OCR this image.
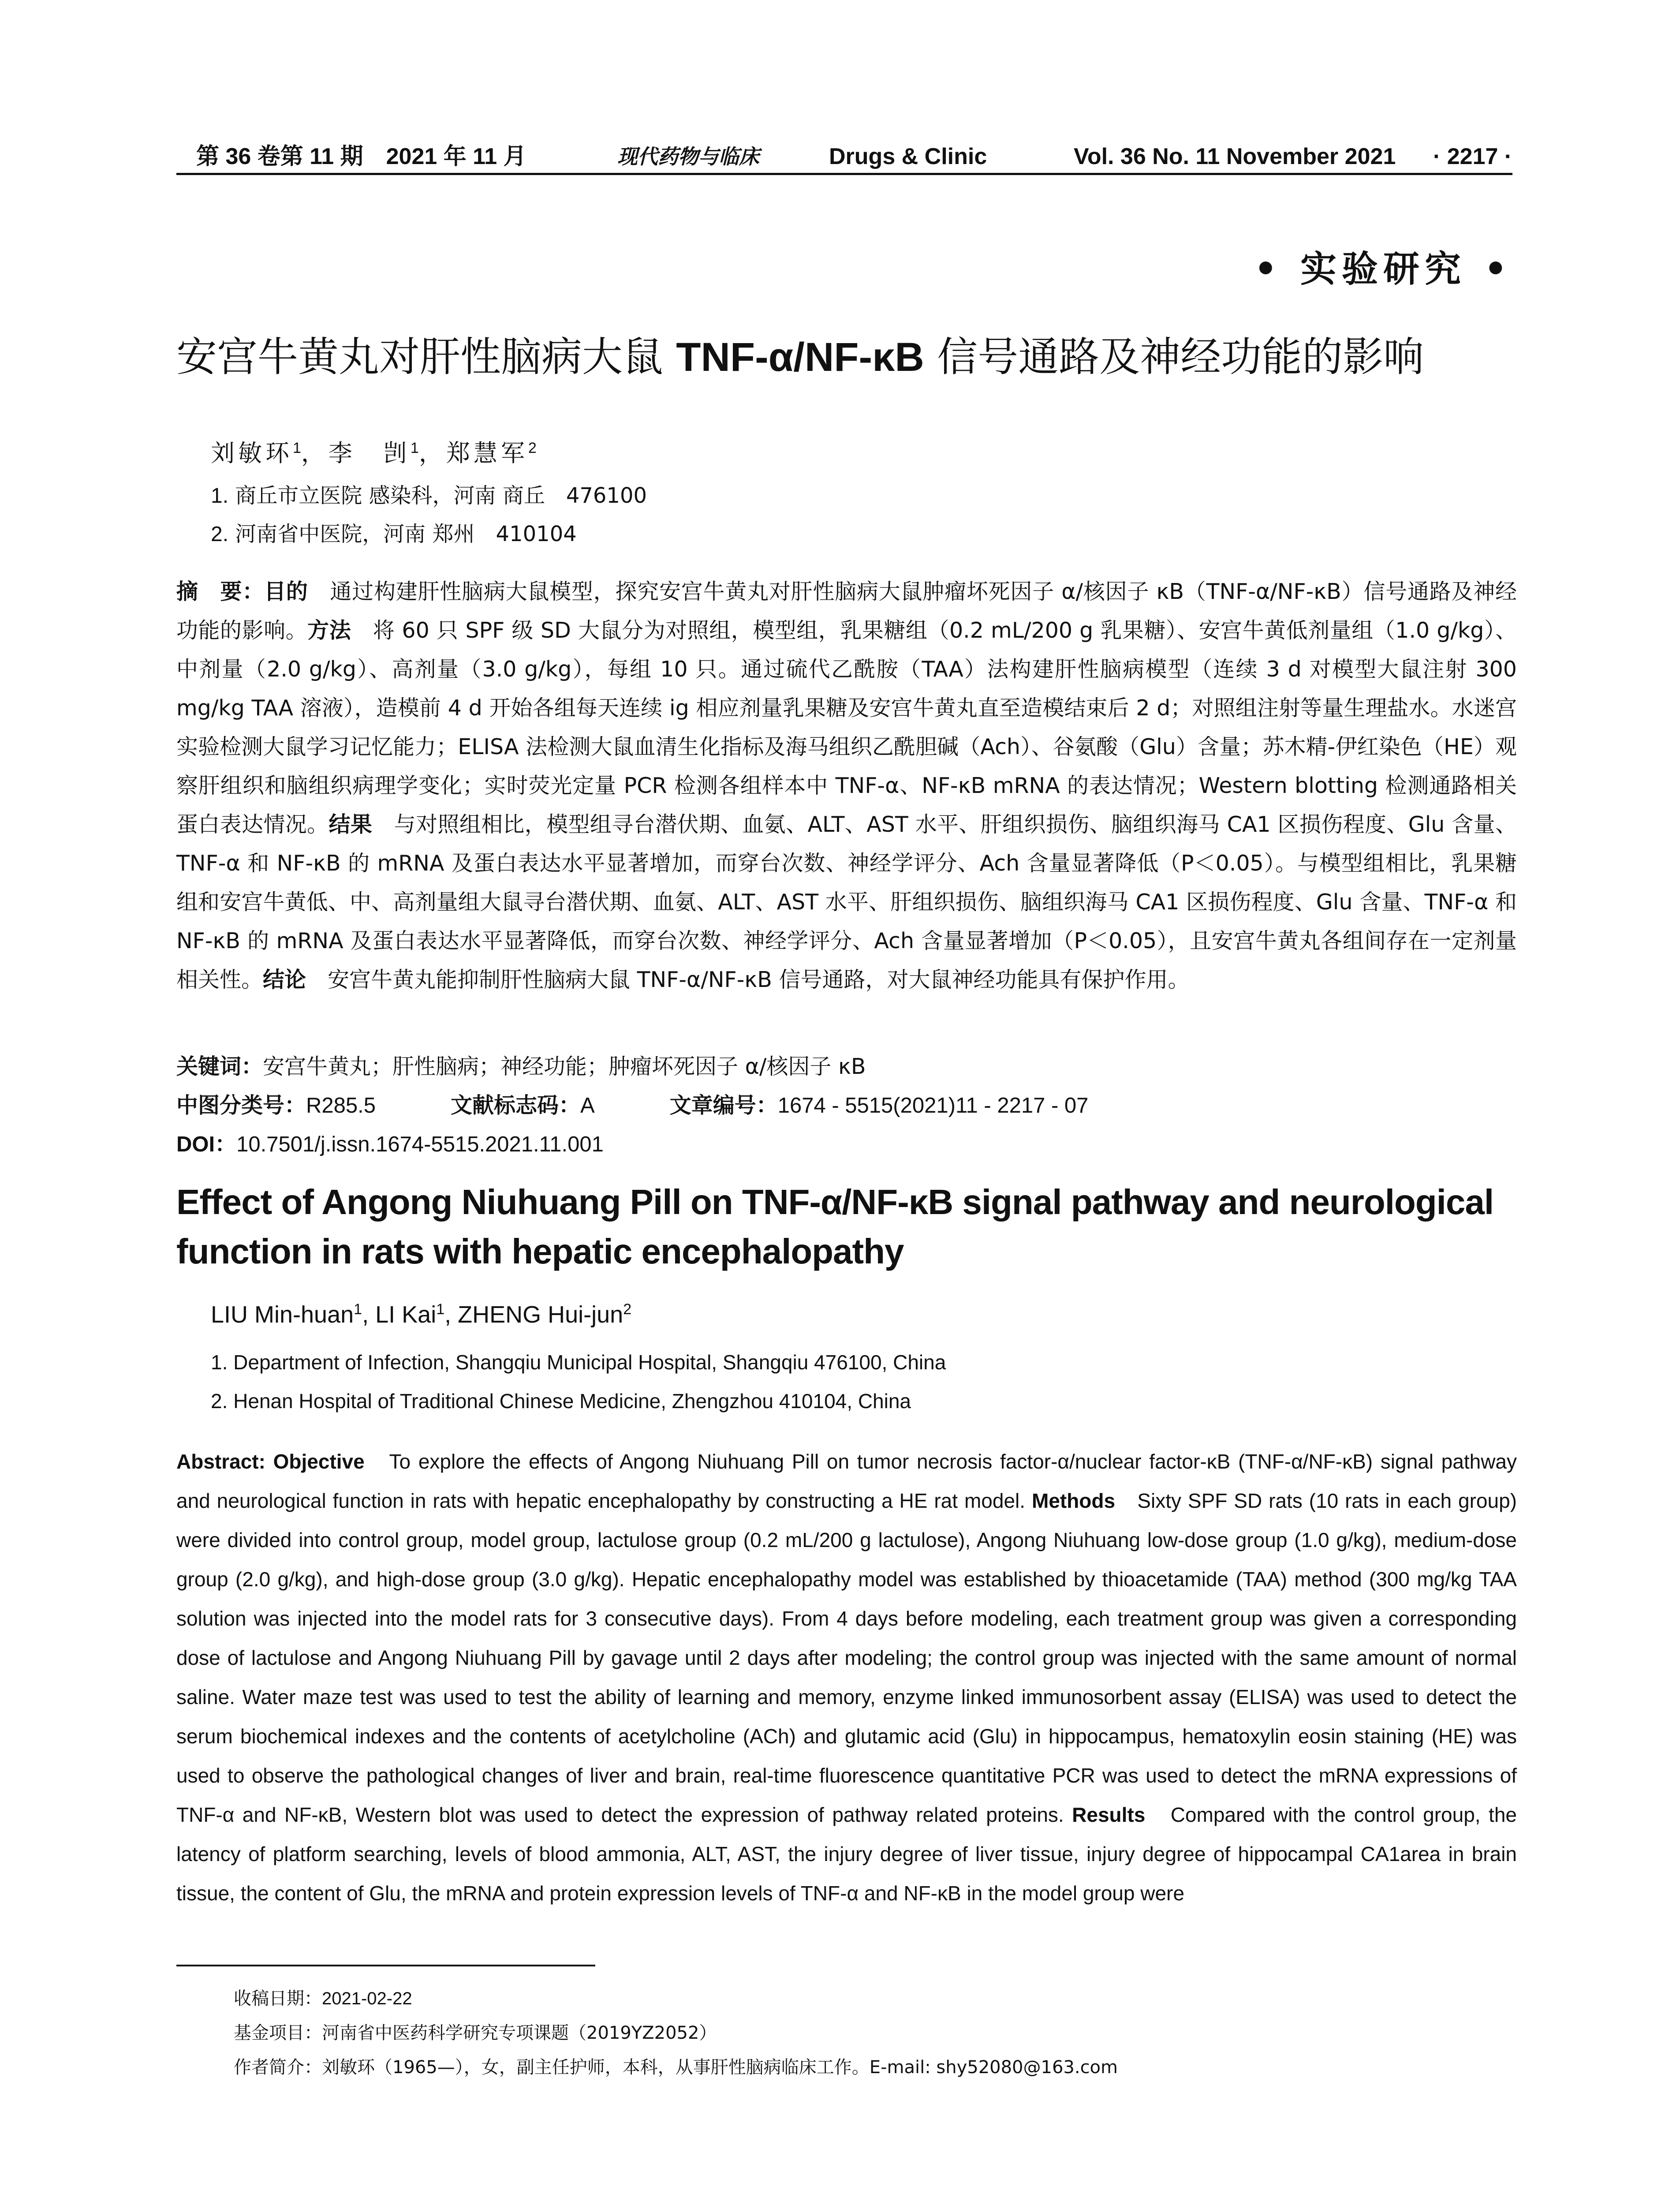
第 36 卷第 11 期　2021 年 11 月	现代药物与临床	Drugs & Clinic	Vol. 36 No. 11 November 2021 · 2217 ·
• 实验研究 •
安宫牛黄丸对肝性脑病大鼠 TNF-α/NF-κB 信号通路及神经功能的影响
刘敏环$^1$，李　剀$^1$，郑慧军$^2$
1. 商丘市立医院 感染科，河南 商丘　476100
2. 河南省中医院，河南 郑州　410104
摘　要：目的　通过构建肝性脑病大鼠模型，探究安宫牛黄丸对肝性脑病大鼠肿瘤坏死因子 α/核因子 κB（TNF-α/NF-κB）信号通路及神经功能的影响。方法　将 60 只 SPF 级 SD 大鼠分为对照组，模型组，乳果糖组（0.2 mL/200 g 乳果糖）、安宫牛黄低剂量组（1.0 g/kg）、中剂量（2.0 g/kg）、高剂量（3.0 g/kg），每组 10 只。通过硫代乙酰胺（TAA）法构建肝性脑病模型（连续 3 d 对模型大鼠注射 300 mg/kg TAA 溶液），造模前 4 d 开始各组每天连续 ig 相应剂量乳果糖及安宫牛黄丸直至造模结束后 2 d；对照组注射等量生理盐水。水迷宫实验检测大鼠学习记忆能力；ELISA 法检测大鼠血清生化指标及海马组织乙酰胆碱（Ach）、谷氨酸（Glu）含量；苏木精-伊红染色（HE）观察肝组织和脑组织病理学变化；实时荧光定量 PCR 检测各组样本中 TNF-α、NF-κB mRNA 的表达情况；Western blotting 检测通路相关蛋白表达情况。结果　与对照组相比，模型组寻台潜伏期、血氨、ALT、AST 水平、肝组织损伤、脑组织海马 CA1 区损伤程度、Glu 含量、TNF-α 和 NF-κB 的 mRNA 及蛋白表达水平显著增加，而穿台次数、神经学评分、Ach 含量显著降低（P＜0.05）。与模型组相比，乳果糖组和安宫牛黄低、中、高剂量组大鼠寻台潜伏期、血氨、ALT、AST 水平、肝组织损伤、脑组织海马 CA1 区损伤程度、Glu 含量、TNF-α 和 NF-κB 的 mRNA 及蛋白表达水平显著降低，而穿台次数、神经学评分、Ach 含量显著增加（P＜0.05），且安宫牛黄丸各组间存在一定剂量相关性。结论　安宫牛黄丸能抑制肝性脑病大鼠 TNF-α/NF-κB 信号通路，对大鼠神经功能具有保护作用。
关键词：安宫牛黄丸；肝性脑病；神经功能；肿瘤坏死因子 α/核因子 κB
中图分类号：R285.5	文献标志码：A	文章编号：1674 - 5515(2021)11 - 2217 - 07
DOI：10.7501/j.issn.1674-5515.2021.11.001
Effect of Angong Niuhuang Pill on TNF-α/NF-κB signal pathway and neurological function in rats with hepatic encephalopathy
LIU Min-huan$^1$, LI Kai$^1$, ZHENG Hui-jun$^2$
1. Department of Infection, Shangqiu Municipal Hospital, Shangqiu 476100, China
2. Henan Hospital of Traditional Chinese Medicine, Zhengzhou 410104, China
Abstract: Objective　To explore the effects of Angong Niuhuang Pill on tumor necrosis factor-α/nuclear factor-κB (TNF-α/NF-κB) signal pathway and neurological function in rats with hepatic encephalopathy by constructing a HE rat model. Methods　Sixty SPF SD rats (10 rats in each group) were divided into control group, model group, lactulose group (0.2 mL/200 g lactulose), Angong Niuhuang low-dose group (1.0 g/kg), medium-dose group (2.0 g/kg), and high-dose group (3.0 g/kg). Hepatic encephalopathy model was established by thioacetamide (TAA) method (300 mg/kg TAA solution was injected into the model rats for 3 consecutive days). From 4 days before modeling, each treatment group was given a corresponding dose of lactulose and Angong Niuhuang Pill by gavage until 2 days after modeling; the control group was injected with the same amount of normal saline. Water maze test was used to test the ability of learning and memory, enzyme linked immunosorbent assay (ELISA) was used to detect the serum biochemical indexes and the contents of acetylcholine (ACh) and glutamic acid (Glu) in hippocampus, hematoxylin eosin staining (HE) was used to observe the pathological changes of liver and brain, real-time fluorescence quantitative PCR was used to detect the mRNA expressions of TNF-α and NF-κB, Western blot was used to detect the expression of pathway related proteins. Results　Compared with the control group, the latency of platform searching, levels of blood ammonia, ALT, AST, the injury degree of liver tissue, injury degree of hippocampal CA1area in brain tissue, the content of Glu, the mRNA and protein expression levels of TNF-α and NF-κB in the model group were
收稿日期：2021-02-22
基金项目：河南省中医药科学研究专项课题（2019YZ2052）
作者简介：刘敏环（1965—），女，副主任护师，本科，从事肝性脑病临床工作。E-mail: shy52080@163.com
